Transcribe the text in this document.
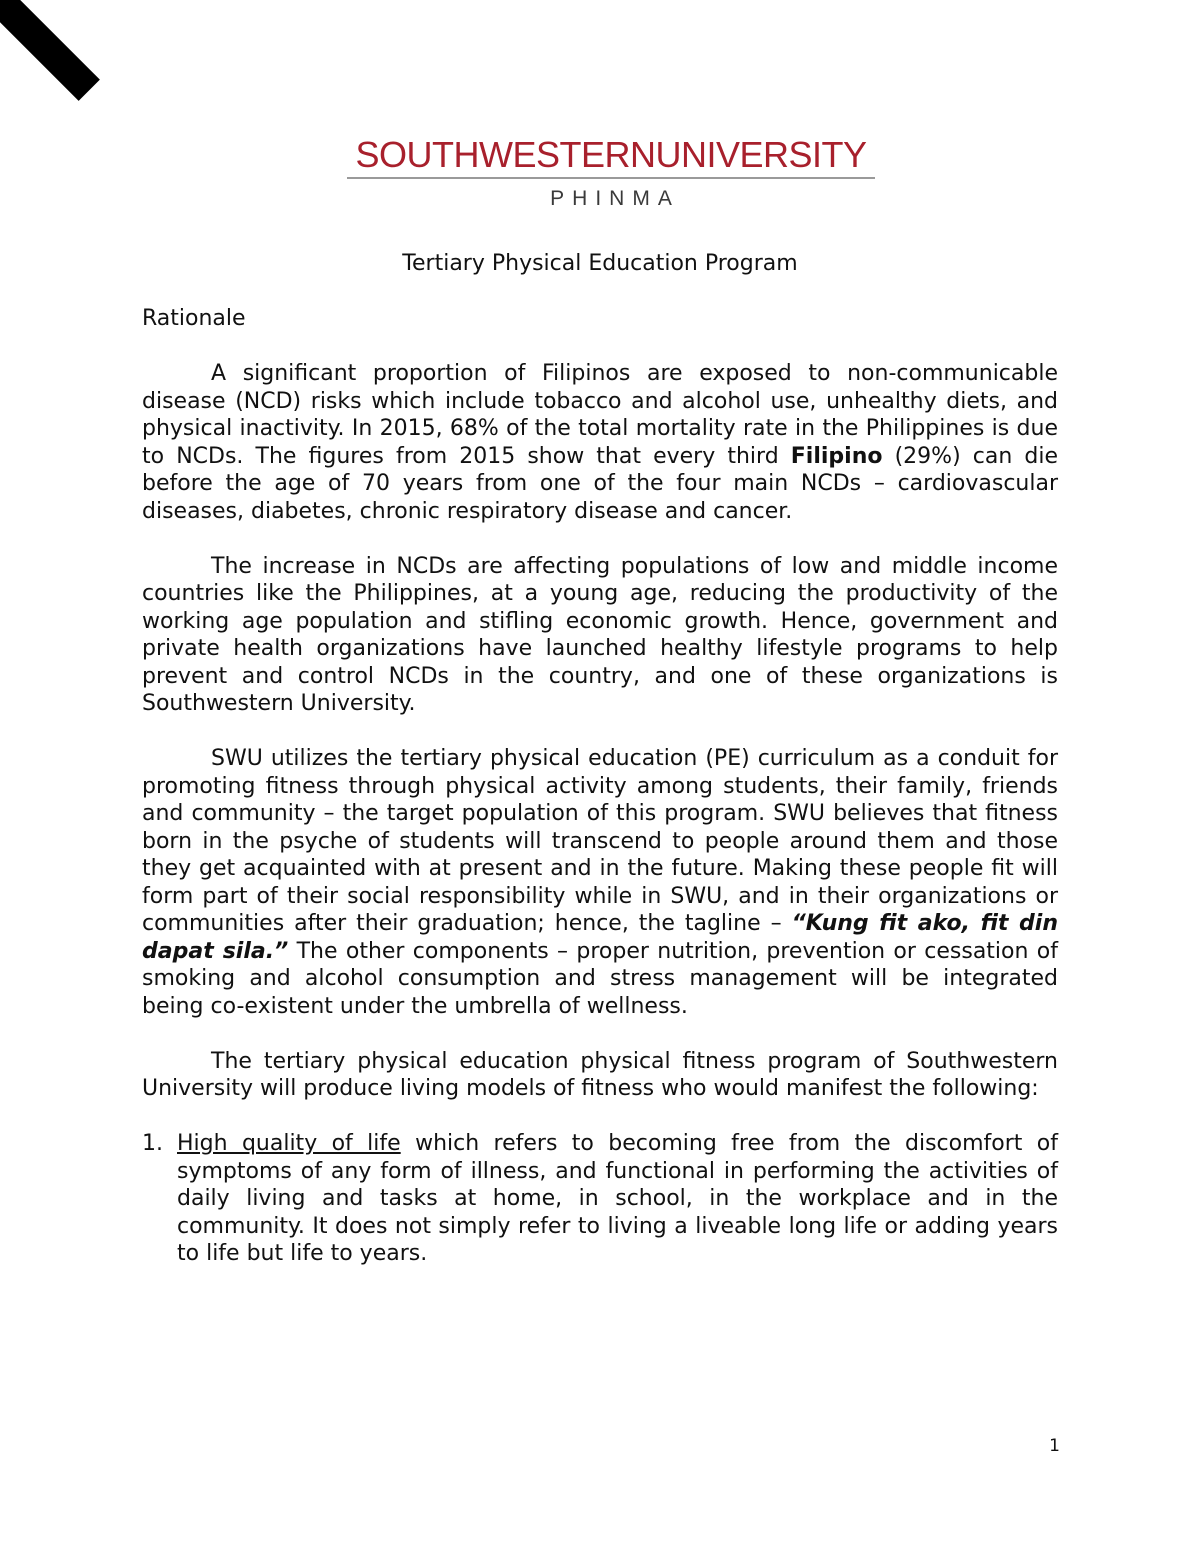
SOUTHWESTERNUNIVERSITY
PHINMA
Tertiary Physical Education Program
Rationale

A significant proportion of Filipinos are exposed to non-communicable disease (NCD) risks which include tobacco and alcohol use, unhealthy diets, and physical inactivity. In 2015, 68% of the total mortality rate in the Philippines is due to NCDs. The figures from 2015 show that every third Filipino (29%) can die before the age of 70 years from one of the four main NCDs – cardiovascular diseases, diabetes, chronic respiratory disease and cancer.

The increase in NCDs are affecting populations of low and middle income countries like the Philippines, at a young age, reducing the productivity of the working age population and stifling economic growth. Hence, government and private health organizations have launched healthy lifestyle programs to help prevent and control NCDs in the country, and one of these organizations is Southwestern University.

SWU utilizes the tertiary physical education (PE) curriculum as a conduit for promoting fitness through physical activity among students, their family, friends and community – the target population of this program. SWU believes that fitness born in the psyche of students will transcend to people around them and those they get acquainted with at present and in the future. Making these people fit will form part of their social responsibility while in SWU, and in their organizations or communities after their graduation; hence, the tagline – “Kung fit ako, fit din dapat sila.” The other components – proper nutrition, prevention or cessation of smoking and alcohol consumption and stress management will be integrated being co-existent under the umbrella of wellness.

The tertiary physical education physical fitness program of Southwestern University will produce living models of fitness who would manifest the following:

1. High quality of life which refers to becoming free from the discomfort of symptoms of any form of illness, and functional in performing the activities of daily living and tasks at home, in school, in the workplace and in the community. It does not simply refer to living a liveable long life or adding years to life but life to years.
1
